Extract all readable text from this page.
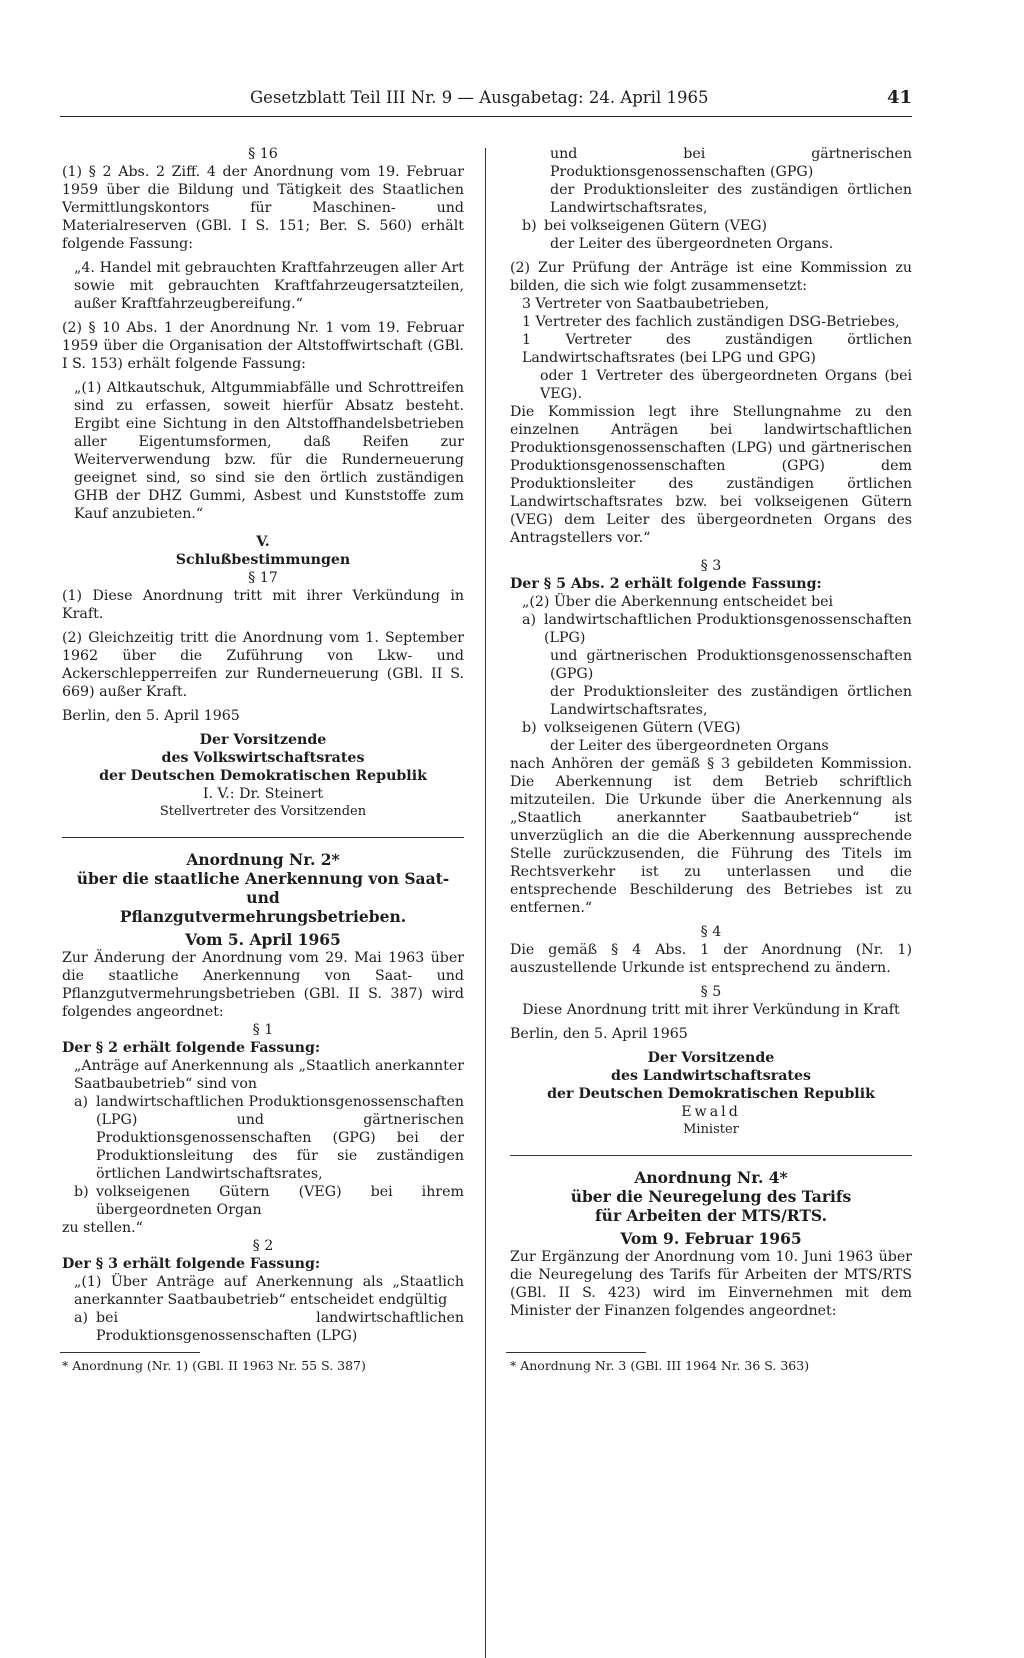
Gesetzblatt Teil III Nr. 9 — Ausgabetag: 24. April 1965	41
§ 16
(1) § 2 Abs. 2 Ziff. 4 der Anordnung vom 19. Februar 1959 über die Bildung und Tätigkeit des Staatlichen Vermittlungskontors für Maschinen- und Materialreserven (GBl. I S. 151; Ber. S. 560) erhält folgende Fassung:
„4. Handel mit gebrauchten Kraftfahrzeugen aller Art sowie mit gebrauchten Kraftfahrzeugersatzteilen, außer Kraftfahrzeugbereifung.“
(2) § 10 Abs. 1 der Anordnung Nr. 1 vom 19. Februar 1959 über die Organisation der Altstoffwirtschaft (GBl. I S. 153) erhält folgende Fassung:
„(1) Altkautschuk, Altgummiabfälle und Schrottreifen sind zu erfassen, soweit hierfür Absatz besteht. Ergibt eine Sichtung in den Altstoffhandelsbetrieben aller Eigentumsformen, daß Reifen zur Weiterverwendung bzw. für die Runderneuerung geeignet sind, so sind sie den örtlich zuständigen GHB der DHZ Gummi, Asbest und Kunststoffe zum Kauf anzubieten.“
V.
Schlußbestimmungen
§ 17
(1) Diese Anordnung tritt mit ihrer Verkündung in Kraft.
(2) Gleichzeitig tritt die Anordnung vom 1. September 1962 über die Zuführung von Lkw- und Ackerschlepperreifen zur Runderneuerung (GBl. II S. 669) außer Kraft.
Berlin, den 5. April 1965
Der Vorsitzende
des Volkswirtschaftsrates
der Deutschen Demokratischen Republik
I. V.: Dr. Steinert
Stellvertreter des Vorsitzenden
Anordnung Nr. 2*
über die staatliche Anerkennung von Saat- und
Pflanzgutvermehrungsbetrieben.
Vom 5. April 1965
Zur Änderung der Anordnung vom 29. Mai 1963 über die staatliche Anerkennung von Saat- und Pflanzgutvermehrungsbetrieben (GBl. II S. 387) wird folgendes angeordnet:
§ 1
Der § 2 erhält folgende Fassung:
„Anträge auf Anerkennung als „Staatlich anerkannter Saatbaubetrieb“ sind von
a) landwirtschaftlichen Produktionsgenossenschaften (LPG) und gärtnerischen Produktionsgenossenschaften (GPG) bei der Produktionsleitung des für sie zuständigen örtlichen Landwirtschaftsrates,
b) volkseigenen Gütern (VEG) bei ihrem übergeordneten Organ
zu stellen.“
§ 2
Der § 3 erhält folgende Fassung:
„(1) Über Anträge auf Anerkennung als „Staatlich anerkannter Saatbaubetrieb“ entscheidet endgültig
a) bei landwirtschaftlichen Produktionsgenossenschaften (LPG)
* Anordnung (Nr. 1) (GBl. II 1963 Nr. 55 S. 387)
und bei gärtnerischen Produktionsgenossenschaften (GPG)
der Produktionsleiter des zuständigen örtlichen Landwirtschaftsrates,
b) bei volkseigenen Gütern (VEG)
der Leiter des übergeordneten Organs.
(2) Zur Prüfung der Anträge ist eine Kommission zu bilden, die sich wie folgt zusammensetzt:
3 Vertreter von Saatbaubetrieben,
1 Vertreter des fachlich zuständigen DSG-Betriebes,
1 Vertreter des zuständigen örtlichen Landwirtschaftsrates (bei LPG und GPG)
oder 1 Vertreter des übergeordneten Organs (bei VEG).
Die Kommission legt ihre Stellungnahme zu den einzelnen Anträgen bei landwirtschaftlichen Produktionsgenossenschaften (LPG) und gärtnerischen Produktionsgenossenschaften (GPG) dem Produktionsleiter des zuständigen örtlichen Landwirtschaftsrates bzw. bei volkseigenen Gütern (VEG) dem Leiter des übergeordneten Organs des Antragstellers vor.“
§ 3
Der § 5 Abs. 2 erhält folgende Fassung:
„(2) Über die Aberkennung entscheidet bei
a) landwirtschaftlichen Produktionsgenossenschaften (LPG)
und gärtnerischen Produktionsgenossenschaften (GPG)
der Produktionsleiter des zuständigen örtlichen Landwirtschaftsrates,
b) volkseigenen Gütern (VEG)
der Leiter des übergeordneten Organs
nach Anhören der gemäß § 3 gebildeten Kommission. Die Aberkennung ist dem Betrieb schriftlich mitzuteilen. Die Urkunde über die Anerkennung als „Staatlich anerkannter Saatbaubetrieb“ ist unverzüglich an die die Aberkennung aussprechende Stelle zurückzusenden, die Führung des Titels im Rechtsverkehr ist zu unterlassen und die entsprechende Beschilderung des Betriebes ist zu entfernen.“
§ 4
Die gemäß § 4 Abs. 1 der Anordnung (Nr. 1) auszustellende Urkunde ist entsprechend zu ändern.
§ 5
Diese Anordnung tritt mit ihrer Verkündung in Kraft
Berlin, den 5. April 1965
Der Vorsitzende
des Landwirtschaftsrates
der Deutschen Demokratischen Republik
Ewald
Minister
Anordnung Nr. 4*
über die Neuregelung des Tarifs
für Arbeiten der MTS/RTS.
Vom 9. Februar 1965
Zur Ergänzung der Anordnung vom 10. Juni 1963 über die Neuregelung des Tarifs für Arbeiten der MTS/RTS (GBl. II S. 423) wird im Einvernehmen mit dem Minister der Finanzen folgendes angeordnet:
* Anordnung Nr. 3 (GBl. III 1964 Nr. 36 S. 363)
